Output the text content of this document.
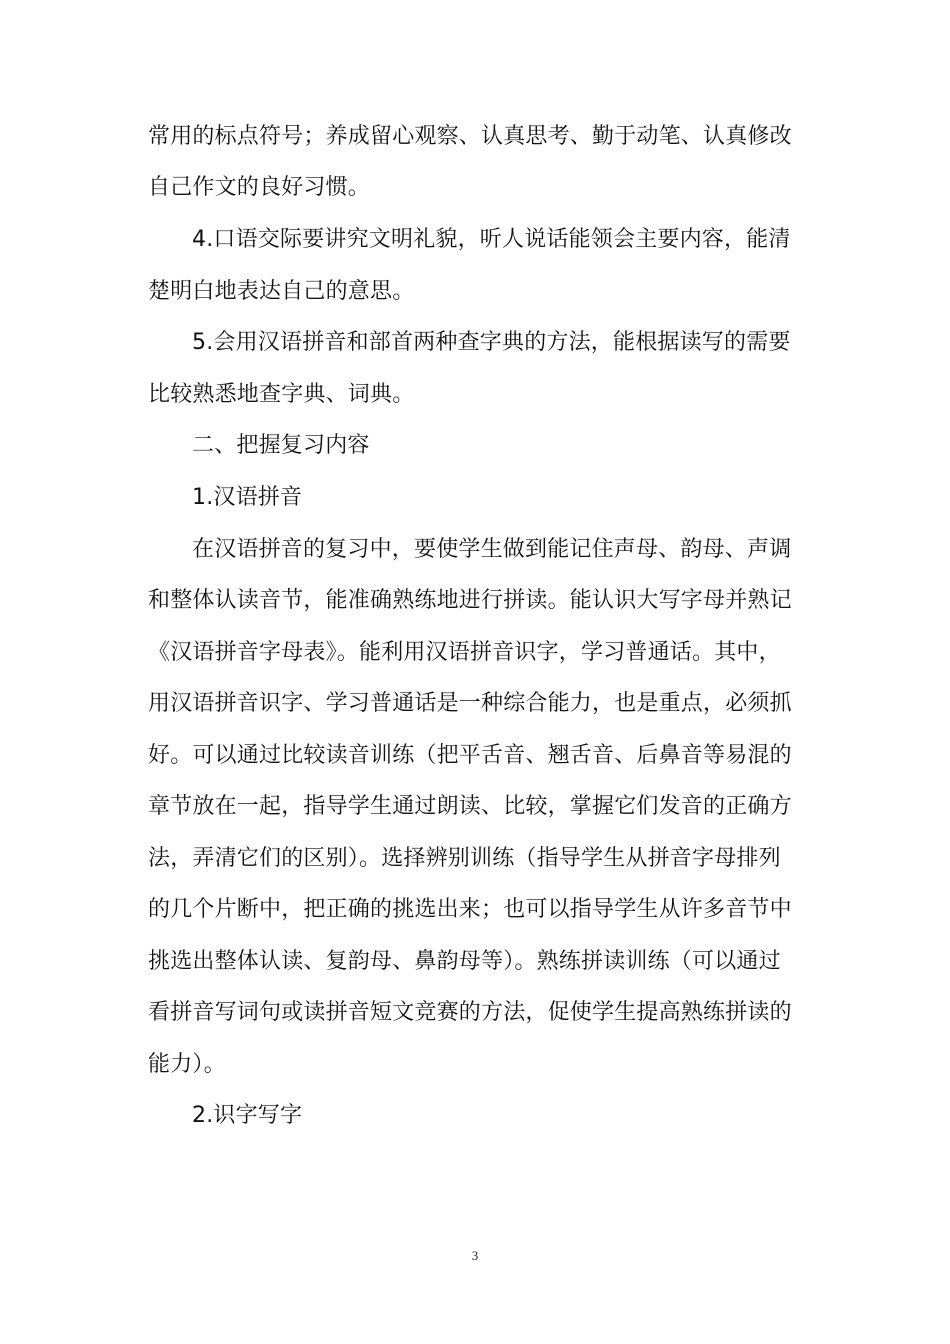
常用的标点符号；养成留心观察、认真思考、勤于动笔、认真修改
自己作文的良好习惯。
4.口语交际要讲究文明礼貌，听人说话能领会主要内容，能清
楚明白地表达自己的意思。
5.会用汉语拼音和部首两种查字典的方法，能根据读写的需要
比较熟悉地查字典、词典。
二、把握复习内容
1.汉语拼音
在汉语拼音的复习中，要使学生做到能记住声母、韵母、声调
和整体认读音节，能准确熟练地进行拼读。能认识大写字母并熟记
《汉语拼音字母表》。能利用汉语拼音识字，学习普通话。其中，
用汉语拼音识字、学习普通话是一种综合能力，也是重点，必须抓
好。可以通过比较读音训练（把平舌音、翘舌音、后鼻音等易混的
章节放在一起，指导学生通过朗读、比较，掌握它们发音的正确方
法，弄清它们的区别）。选择辨别训练（指导学生从拼音字母排列
的几个片断中，把正确的挑选出来；也可以指导学生从许多音节中
挑选出整体认读、复韵母、鼻韵母等）。熟练拼读训练（可以通过
看拼音写词句或读拼音短文竞赛的方法，促使学生提高熟练拼读的
能力）。
2.识字写字
3
